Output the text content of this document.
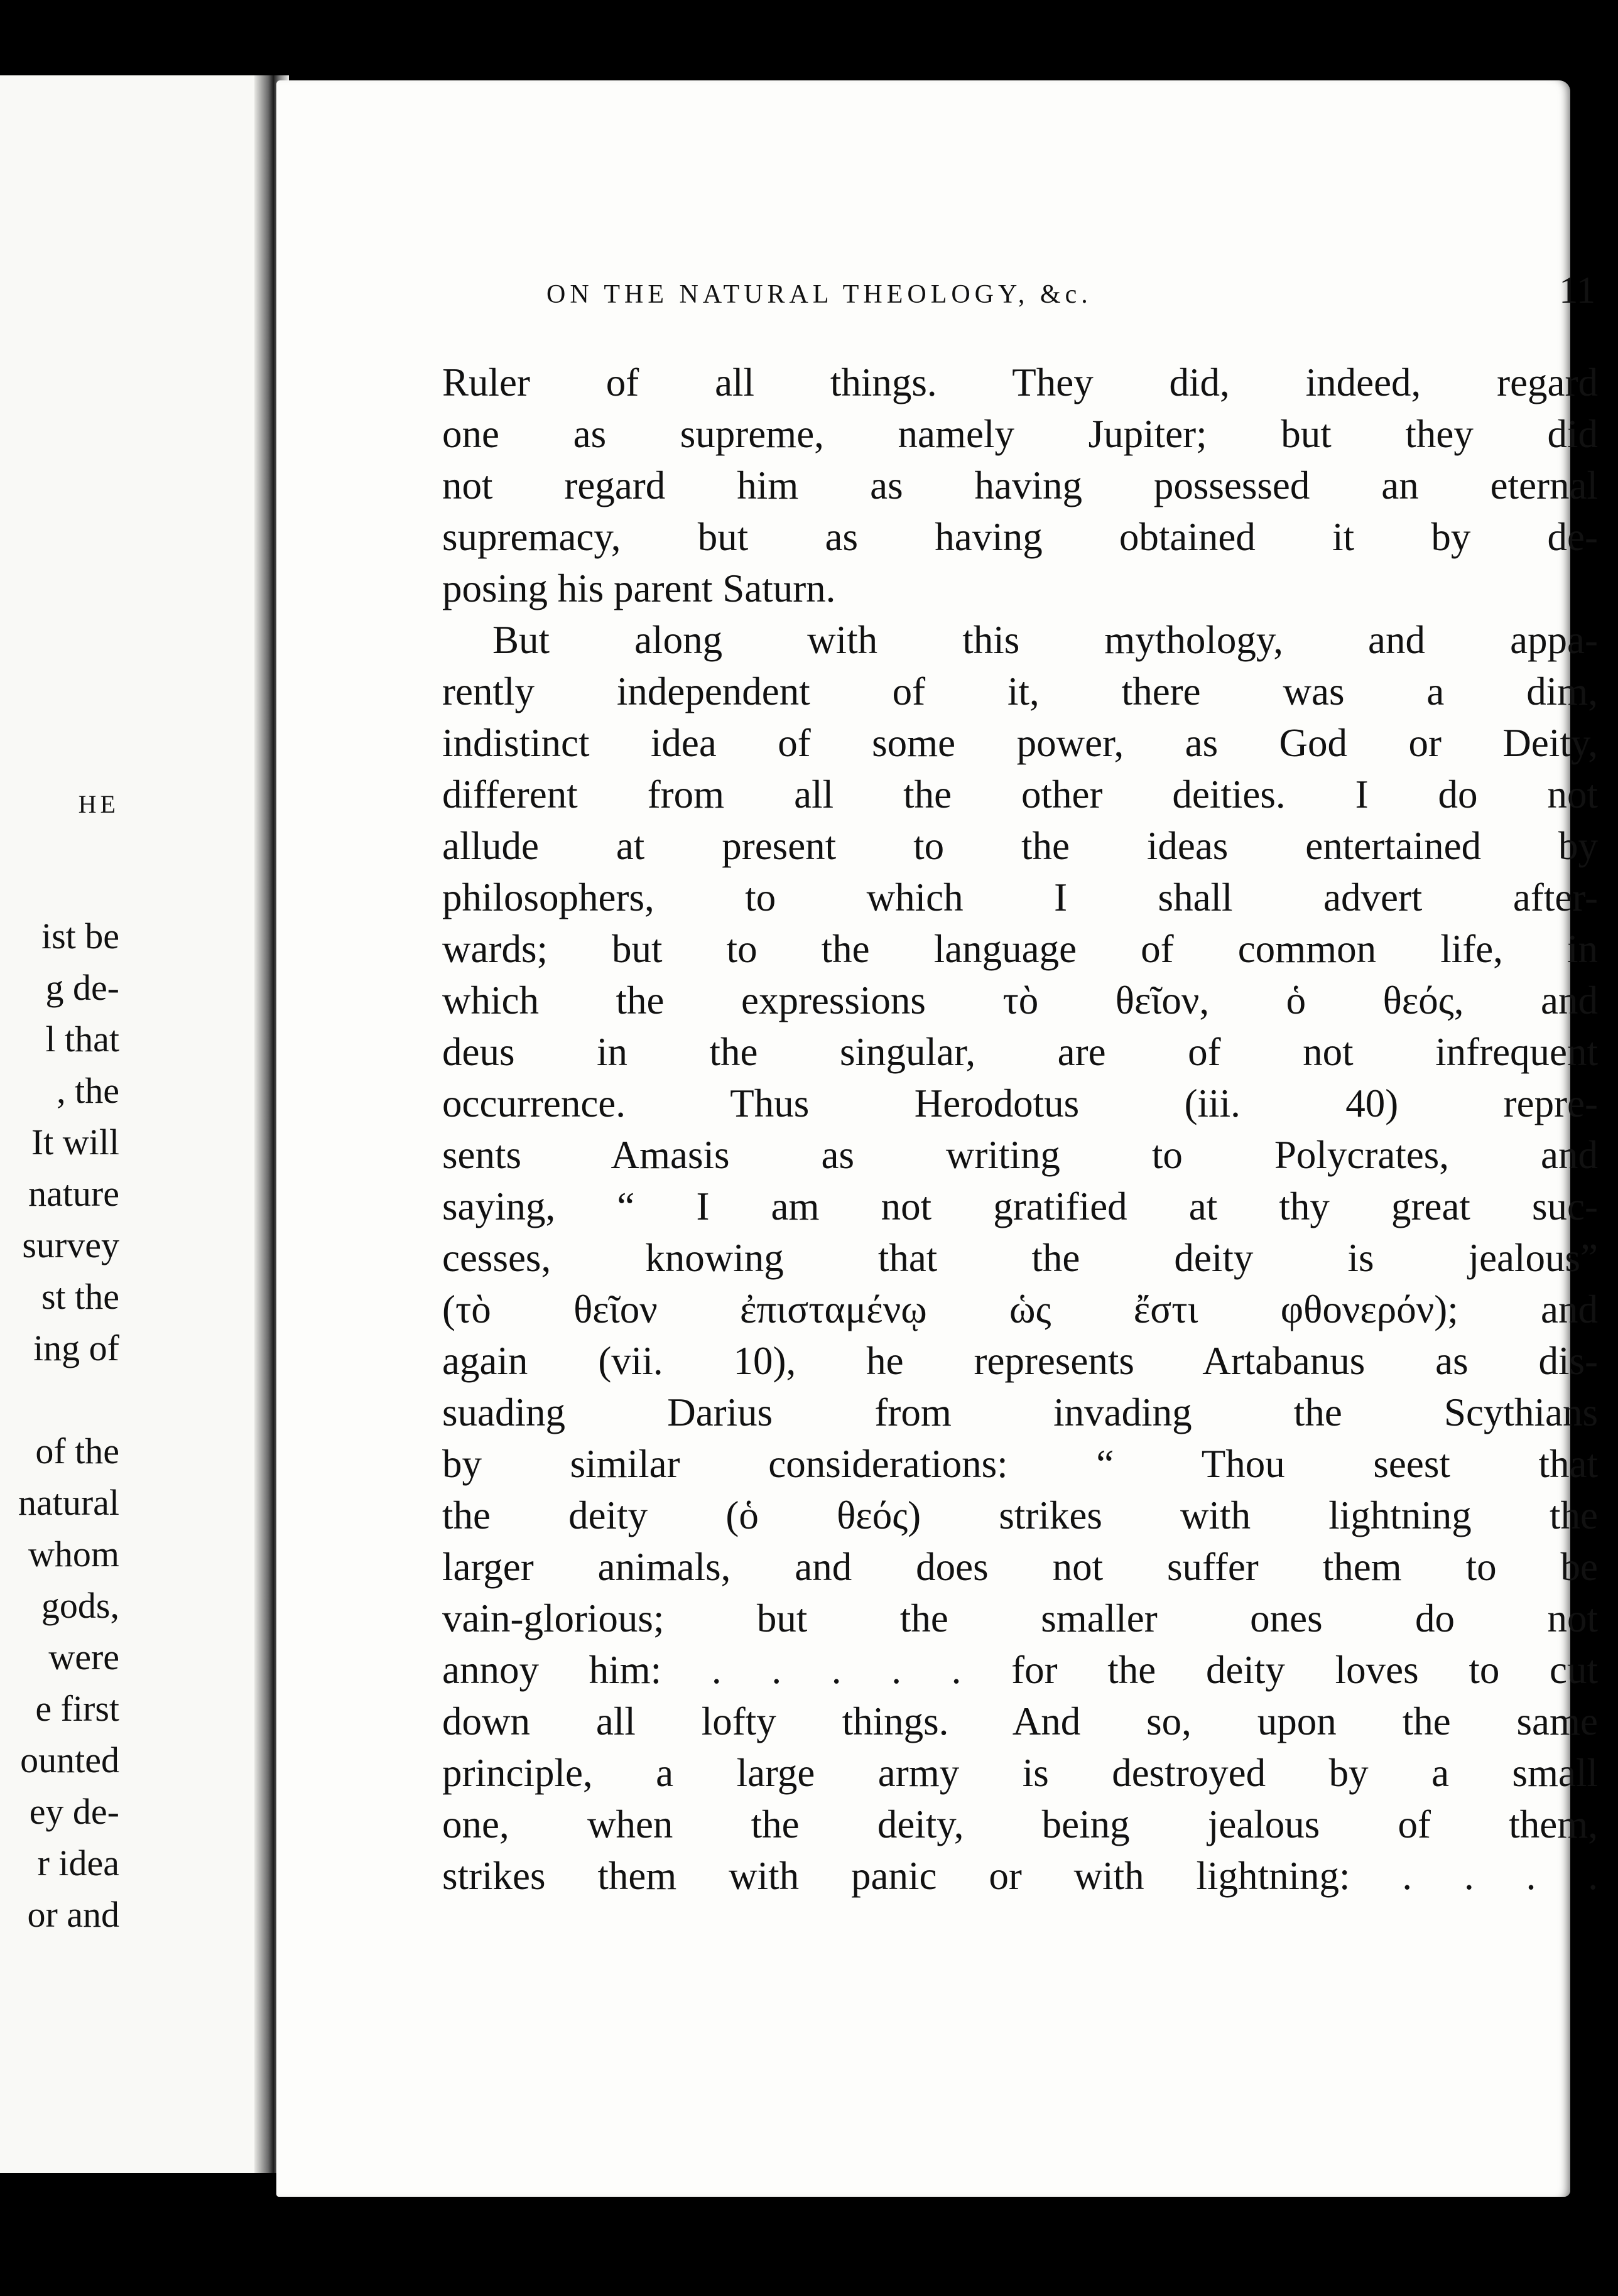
HE
ist be
g de-
l that
, the
It will
nature
survey
st the
ing of
of the
natural
whom
gods,
were
e first
ounted
ey de-
r idea
or and
ON THE NATURAL THEOLOGY, &c.	11
Ruler of all things. They did, indeed, regard
one as supreme, namely Jupiter; but they did
not regard him as having possessed an eternal
supremacy, but as having obtained it by de-
posing his parent Saturn.
But along with this mythology, and appa-
rently independent of it, there was a dim,
indistinct idea of some power, as God or Deity,
different from all the other deities. I do not
allude at present to the ideas entertained by
philosophers, to which I shall advert after-
wards; but to the language of common life, in
which the expressions τὸ θεῖον, ὁ θεός, and
deus in the singular, are of not infrequent
occurrence. Thus Herodotus (iii. 40) repre-
sents Amasis as writing to Polycrates, and
saying, “ I am not gratified at thy great suc-
cesses, knowing that the deity is jealous”
(τὸ θεῖον ἐπισταμένῳ ὡς ἔστι φθονερόν); and
again (vii. 10), he represents Artabanus as dis-
suading Darius from invading the Scythians
by similar considerations: “ Thou seest that
the deity (ὁ θεός) strikes with lightning the
larger animals, and does not suffer them to be
vain-glorious; but the smaller ones do not
annoy him: . . . . . for the deity loves to cut
down all lofty things. And so, upon the same
principle, a large army is destroyed by a small
one, when the deity, being jealous of them,
strikes them with panic or with lightning: . . . .
